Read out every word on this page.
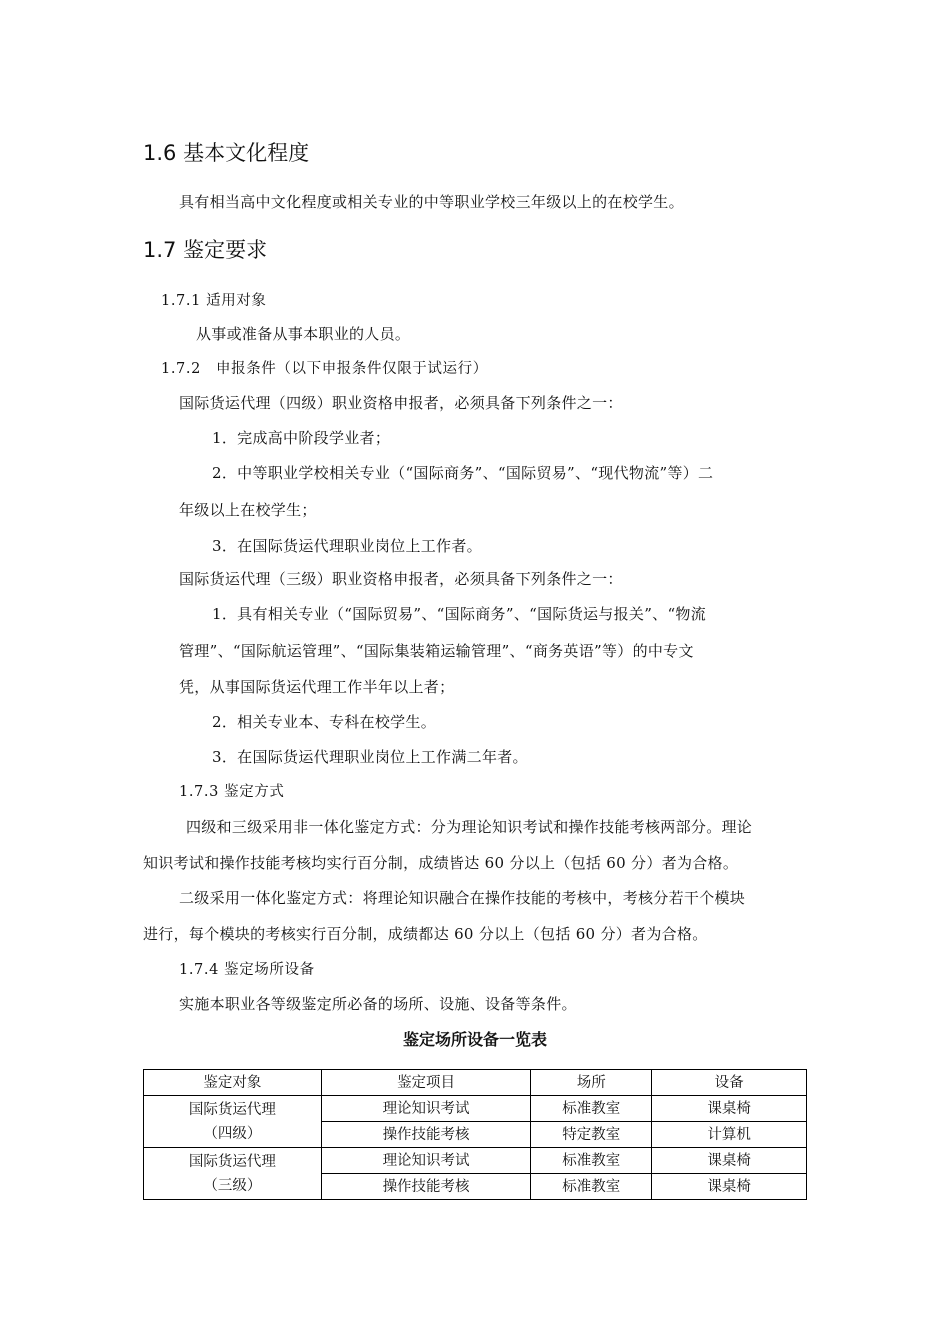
1.6 基本文化程度
具有相当高中文化程度或相关专业的中等职业学校三年级以上的在校学生。
1.7 鉴定要求
1.7.1 适用对象
从事或准备从事本职业的人员。
1.7.2　申报条件（以下申报条件仅限于试运行）
国际货运代理（四级）职业资格申报者，必须具备下列条件之一：
1．完成高中阶段学业者；
2．中等职业学校相关专业（“国际商务”、“国际贸易”、“现代物流”等）二
年级以上在校学生；
3．在国际货运代理职业岗位上工作者。
国际货运代理（三级）职业资格申报者，必须具备下列条件之一：
1．具有相关专业（“国际贸易”、“国际商务”、“国际货运与报关”、“物流
管理”、“国际航运管理”、“国际集装箱运输管理”、“商务英语”等）的中专文
凭，从事国际货运代理工作半年以上者；
2．相关专业本、专科在校学生。
3．在国际货运代理职业岗位上工作满二年者。
1.7.3 鉴定方式
四级和三级采用非一体化鉴定方式：分为理论知识考试和操作技能考核两部分。理论
知识考试和操作技能考核均实行百分制，成绩皆达 60 分以上（包括 60 分）者为合格。
二级采用一体化鉴定方式：将理论知识融合在操作技能的考核中，考核分若干个模块
进行，每个模块的考核实行百分制，成绩都达 60 分以上（包括 60 分）者为合格。
1.7.4 鉴定场所设备
实施本职业各等级鉴定所必备的场所、设施、设备等条件。
鉴定场所设备一览表
鉴定对象	鉴定项目	场所	设备
国际货运代理
（四级）	理论知识考试	标准教室	课桌椅
	操作技能考核	特定教室	计算机
国际货运代理
（三级）	理论知识考试	标准教室	课桌椅
	操作技能考核	标准教室	课桌椅
